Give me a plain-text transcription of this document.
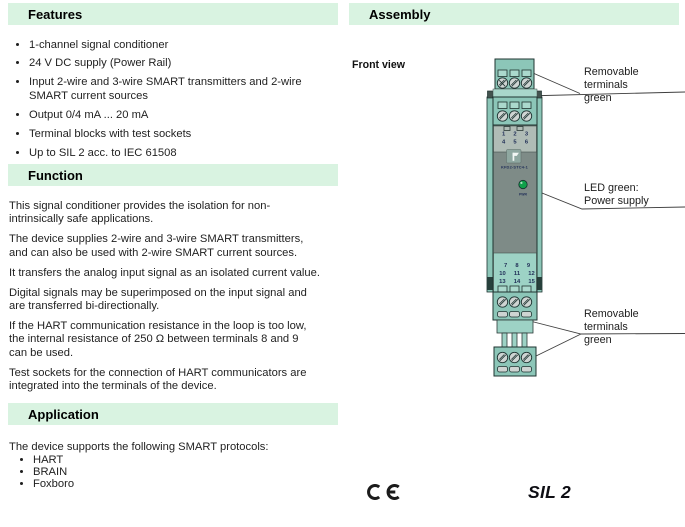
Features
• 1-channel signal conditioner
• 24 V DC supply (Power Rail)
• Input 2-wire and 3-wire SMART transmitters and 2-wire
SMART current sources
• Output 0/4 mA ... 20 mA
• Terminal blocks with test sockets
• Up to SIL 2 acc. to IEC 61508
Function

This signal conditioner provides the isolation for non-
intrinsically safe applications.

The device supplies 2-wire and 3-wire SMART transmitters,
and can also be used with 2-wire SMART current sources.

It transfers the analog input signal as an isolated current value.

Digital signals may be superimposed on the input signal and
are transferred bi-directionally.

If the HART communication resistance in the loop is too low,
the internal resistance of 250 Ω between terminals 8 and 9
can be used.

Test sockets for the connection of HART communicators are
integrated into the terminals of the device.

Application

The device supports the following SMART protocols:

• HART
• BRAIN
• Foxboro
Assembly
Front view
1 2 3
4 5 6
KFD2-STC4-1
PWR
7 8 9
10 11 12
13 14 15
Removable terminals
green
LED green:
Power supply
Removable terminals
green
SIL 2
